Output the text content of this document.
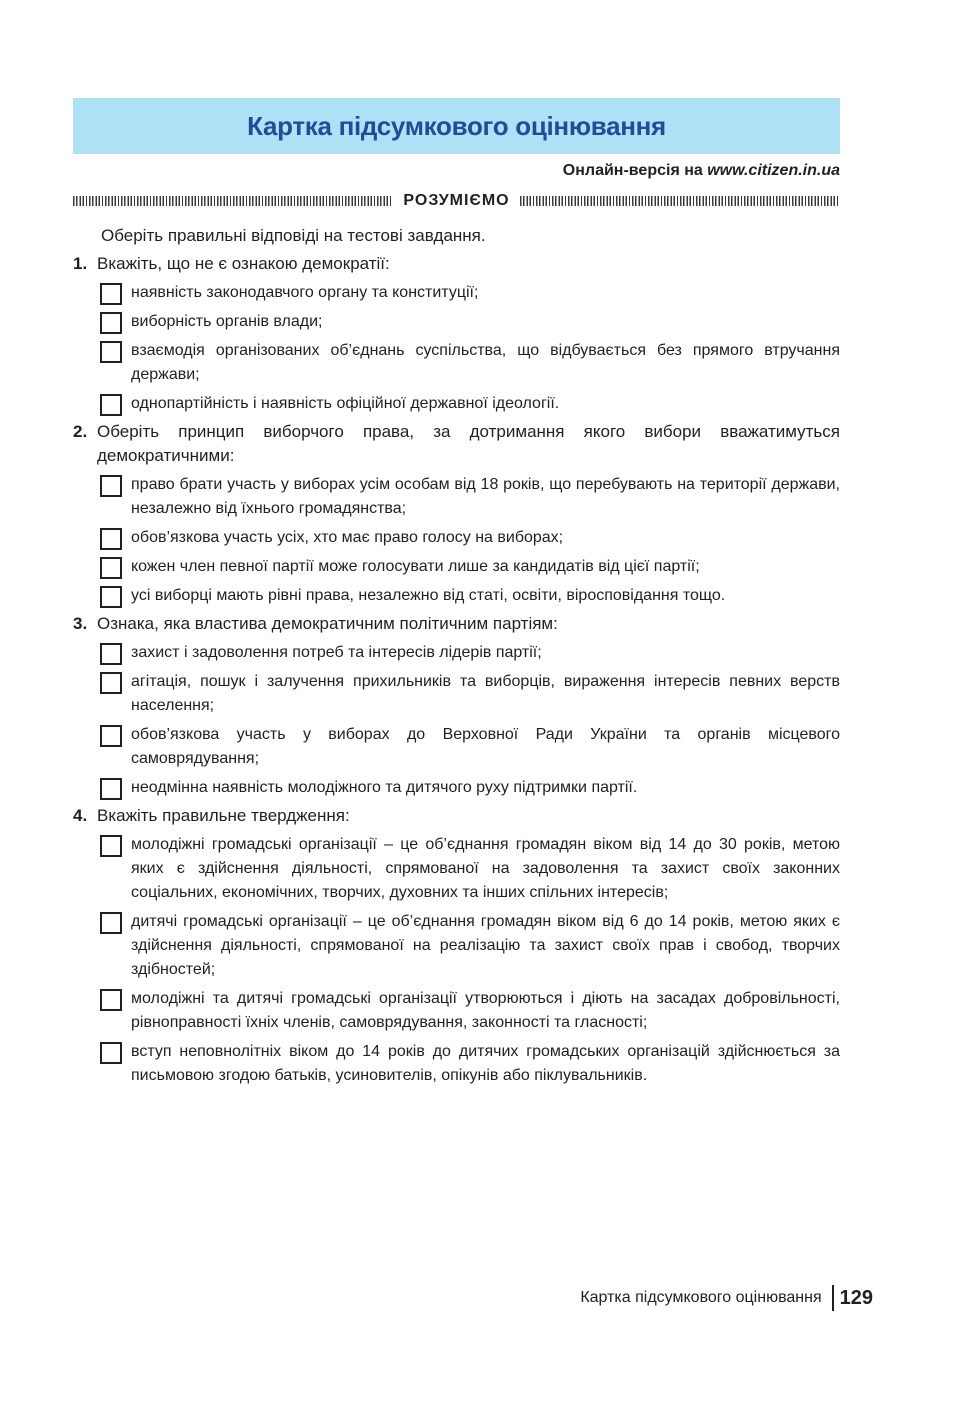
Картка підсумкового оцінювання
Онлайн-версія на www.citizen.in.ua
РОЗУМІЄМО
Оберіть правильні відповіді на тестові завдання.
1. Вкажіть, що не є ознакою демократії:
наявність законодавчого органу та конституції;
виборність органів влади;
взаємодія організованих об’єднань суспільства, що відбувається без прямого втручання держави;
однопартійність і наявність офіційної державної ідеології.
2. Оберіть принцип виборчого права, за дотримання якого вибори вважатимуться демократичними:
право брати участь у виборах усім особам від 18 років, що перебувають на території держави, незалежно від їхнього громадянства;
обов’язкова участь усіх, хто має право голосу на виборах;
кожен член певної партії може голосувати лише за кандидатів від цієї партії;
усі виборці мають рівні права, незалежно від статі, освіти, віросповідання тощо.
3. Ознака, яка властива демократичним політичним партіям:
захист і задоволення потреб та інтересів лідерів партії;
агітація, пошук і залучення прихильників та виборців, вираження інтересів певних верств населення;
обов’язкова участь у виборах до Верховної Ради України та органів місцевого самоврядування;
неодмінна наявність молодіжного та дитячого руху підтримки партії.
4. Вкажіть правильне твердження:
молодіжні громадські організації – це об’єднання громадян віком від 14 до 30 років, метою яких є здійснення діяльності, спрямованої на задоволення та захист своїх законних соціальних, економічних, творчих, духовних та інших спільних інтересів;
дитячі громадські організації – це об’єднання громадян віком від 6 до 14 років, метою яких є здійснення діяльності, спрямованої на реалізацію та захист своїх прав і свобод, творчих здібностей;
молодіжні та дитячі громадські організації утворюються і діють на засадах добровільності, рівноправності їхніх членів, самоврядування, законності та гласності;
вступ неповнолітніх віком до 14 років до дитячих громадських організацій здійснюється за письмовою згодою батьків, усиновителів, опікунів або піклувальників.
Картка підсумкового оцінювання 129
